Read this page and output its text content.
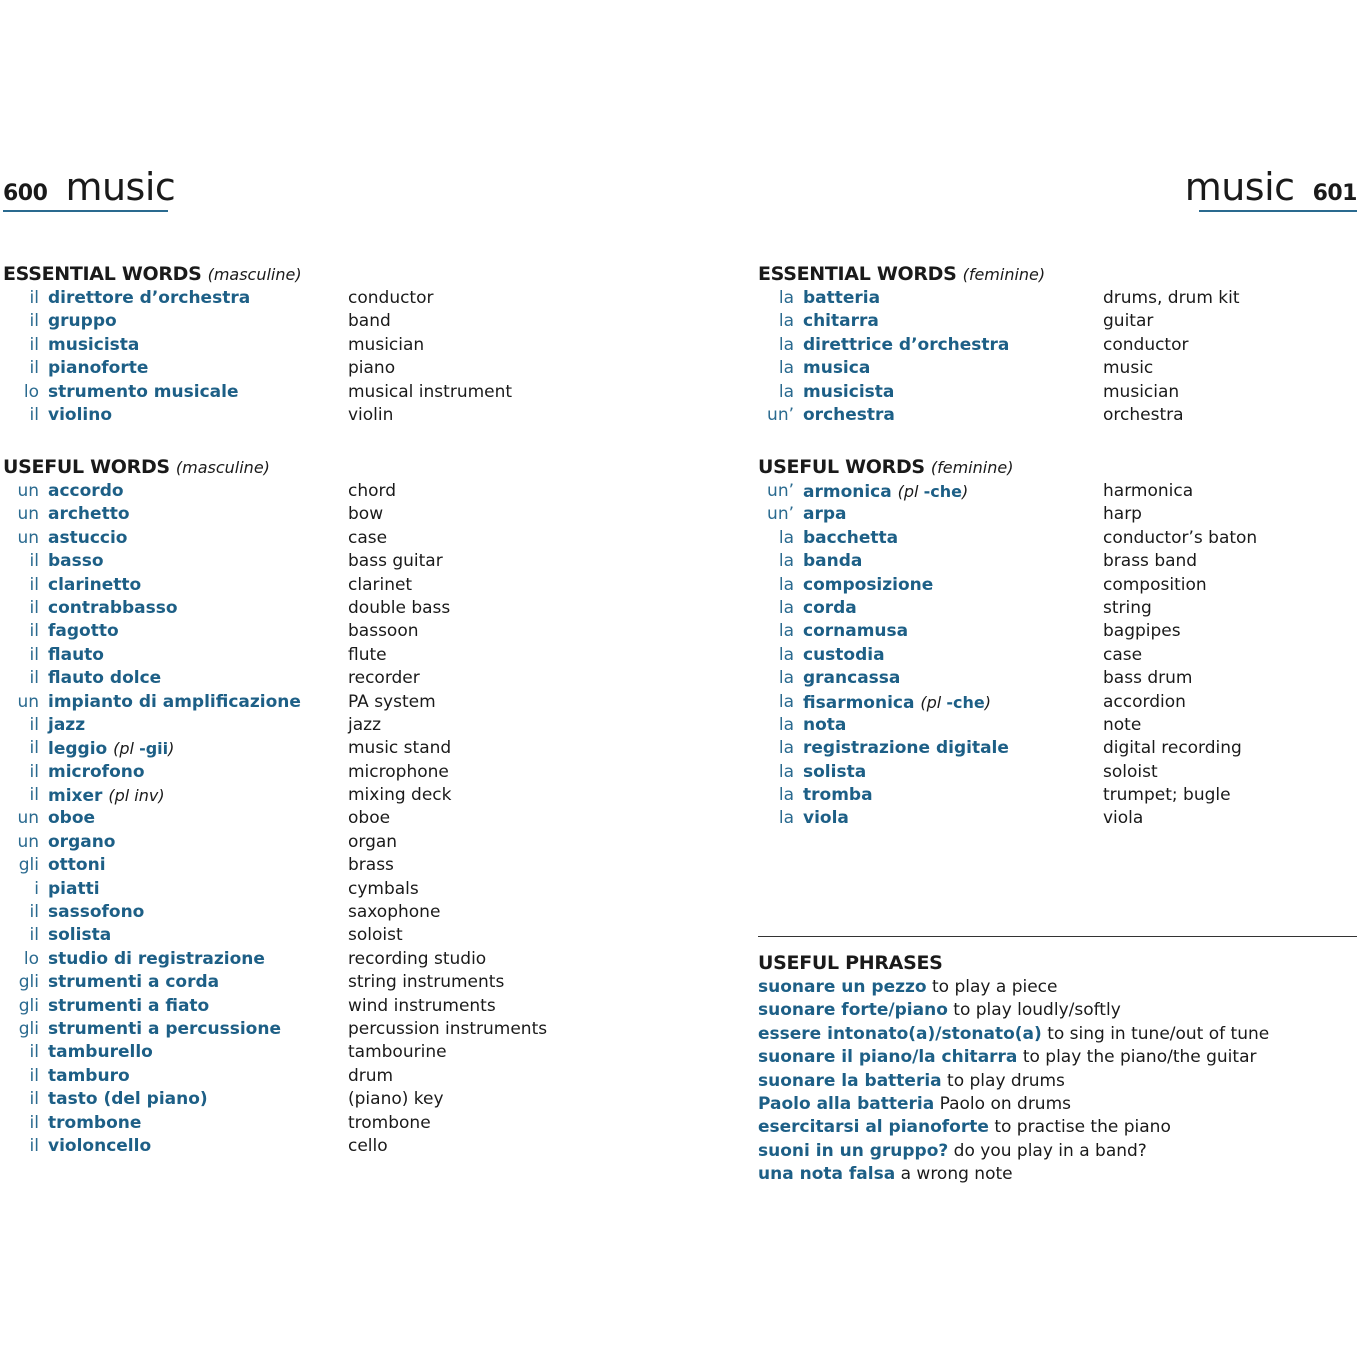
600 music	music 601
ESSENTIAL WORDS (masculine)
il direttore d’orchestra	conductor
il gruppo	band
il musicista	musician
il pianoforte	piano
lo strumento musicale	musical instrument
il violino	violin
USEFUL WORDS (masculine)
un accordo	chord
un archetto	bow
un astuccio	case
il basso	bass guitar
il clarinetto	clarinet
il contrabbasso	double bass
il fagotto	bassoon
il flauto	flute
il flauto dolce	recorder
un impianto di amplificazione	PA system
il jazz	jazz
il leggio (pl -gii)	music stand
il microfono	microphone
il mixer (pl inv)	mixing deck
un oboe	oboe
un organo	organ
gli ottoni	brass
i piatti	cymbals
il sassofono	saxophone
il solista	soloist
lo studio di registrazione	recording studio
gli strumenti a corda	string instruments
gli strumenti a fiato	wind instruments
gli strumenti a percussione	percussion instruments
il tamburello	tambourine
il tamburo	drum
il tasto (del piano)	(piano) key
il trombone	trombone
il violoncello	cello
ESSENTIAL WORDS (feminine)
la batteria	drums, drum kit
la chitarra	guitar
la direttrice d’orchestra	conductor
la musica	music
la musicista	musician
un’ orchestra	orchestra
USEFUL WORDS (feminine)
un’ armonica (pl -che)	harmonica
un’ arpa	harp
la bacchetta	conductor’s baton
la banda	brass band
la composizione	composition
la corda	string
la cornamusa	bagpipes
la custodia	case
la grancassa	bass drum
la fisarmonica (pl -che)	accordion
la nota	note
la registrazione digitale	digital recording
la solista	soloist
la tromba	trumpet; bugle
la viola	viola
USEFUL PHRASES
suonare un pezzo to play a piece
suonare forte/piano to play loudly/softly
essere intonato(a)/stonato(a) to sing in tune/out of tune
suonare il piano/la chitarra to play the piano/the guitar
suonare la batteria to play drums
Paolo alla batteria Paolo on drums
esercitarsi al pianoforte to practise the piano
suoni in un gruppo? do you play in a band?
una nota falsa a wrong note
